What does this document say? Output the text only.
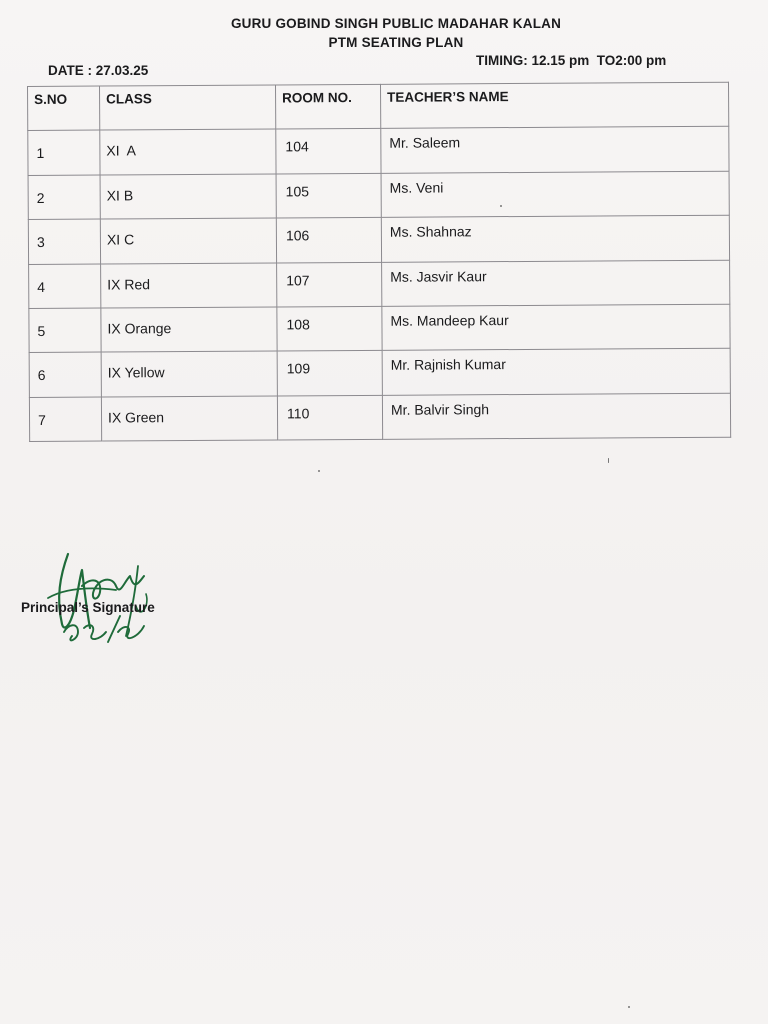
GURU GOBIND SINGH PUBLIC MADAHAR KALAN
PTM SEATING PLAN
DATE : 27.03.25
TIMING: 12.15 pm  TO2:00 pm
S.NO	CLASS	ROOM NO.	TEACHER’S NAME

1	XI  A	104	Mr. Saleem

2	XI B	105	Ms. Veni

3	XI C	106	Ms. Shahnaz

4	IX Red	107	Ms. Jasvir Kaur

5	IX Orange	108	Ms. Mandeep Kaur

6	IX Yellow	109	Mr. Rajnish Kumar

7	IX Green	110	Mr. Balvir Singh
Principal’s Signature
